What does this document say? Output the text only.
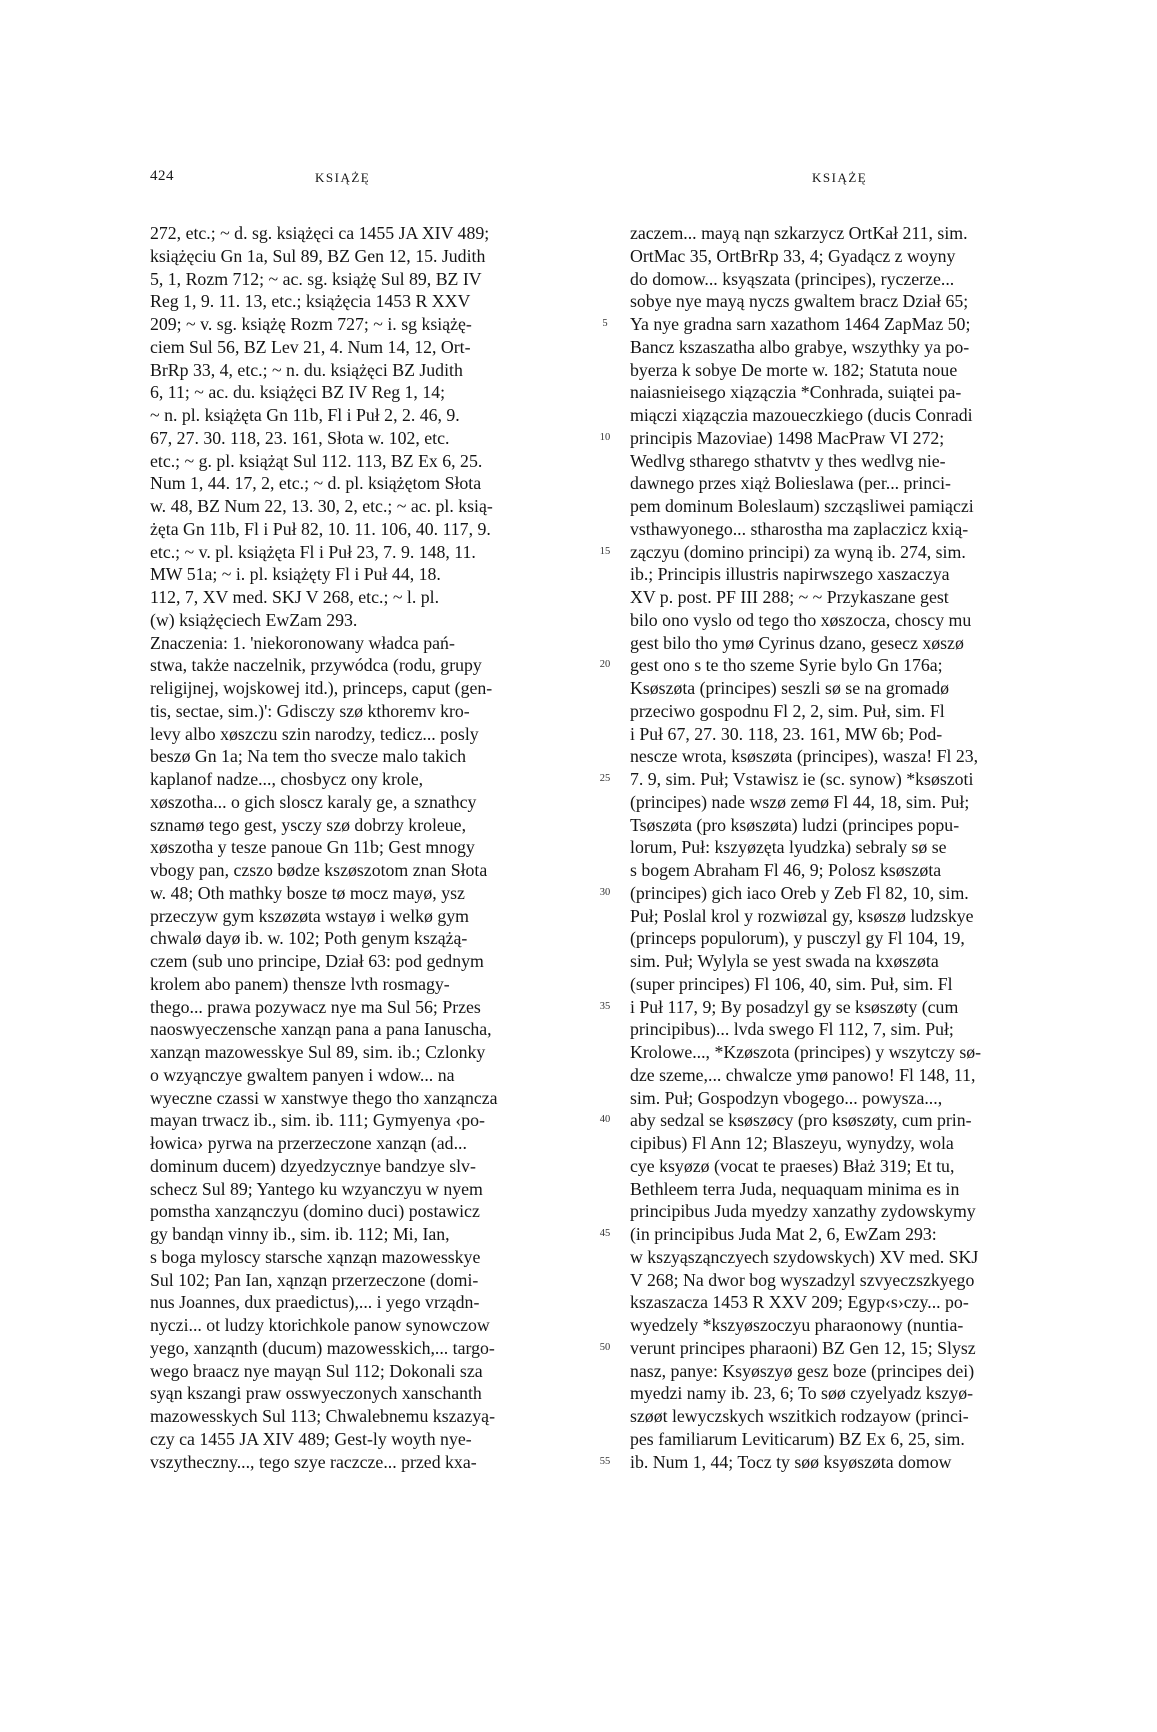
424	KSIĄŻĘ	KSIĄŻĘ
272, etc.; ~ d. sg. książęci ca 1455 JA XIV 489;
książęciu Gn 1a, Sul 89, BZ Gen 12, 15. Judith
5, 1, Rozm 712; ~ ac. sg. książę Sul 89, BZ IV
Reg 1, 9. 11. 13, etc.; książęcia 1453 R XXV
209; ~ v. sg. książę Rozm 727; ~ i. sg książę-
ciem Sul 56, BZ Lev 21, 4. Num 14, 12, Ort-
BrRp 33, 4, etc.; ~ n. du. książęci BZ Judith
6, 11; ~ ac. du. książęci BZ IV Reg 1, 14;
~ n. pl. książęta Gn 11b, Fl i Puł 2, 2. 46, 9.
67, 27. 30. 118, 23. 161, Słota w. 102, etc.
etc.; ~ g. pl. książąt Sul 112. 113, BZ Ex 6, 25.
Num 1, 44. 17, 2, etc.; ~ d. pl. książętom Słota
w. 48, BZ Num 22, 13. 30, 2, etc.; ~ ac. pl. ksią-
żęta Gn 11b, Fl i Puł 82, 10. 11. 106, 40. 117, 9.
etc.; ~ v. pl. książęta Fl i Puł 23, 7. 9. 148, 11.
MW 51a; ~ i. pl. książęty Fl i Puł 44, 18.
112, 7, XV med. SKJ V 268, etc.; ~ l. pl.
(w) książęciech EwZam 293.
Znaczenia: 1. 'niekoronowany władca pań-
stwa, także naczelnik, przywódca (rodu, grupy
religijnej, wojskowej itd.), princeps, caput (gen-
tis, sectae, sim.)': Gdisczy szø kthoremv kro-
levy albo xøszczu szin narodzy, tedicz... posly
beszø Gn 1a; Na tem tho svecze malo takich
kaplanof nadze..., chosbycz ony krole,
xøszotha... o gich sloscz karaly ge, a sznathcy
sznamø tego gest, ysczy szø dobrzy kroleue,
xøszotha y tesze panoue Gn 11b; Gest mnogy
vbogy pan, czszo bødze kszøszotom znan Słota
w. 48; Oth mathky bosze tø mocz mayø, ysz
przeczyw gym kszøzøta wstayø i welkø gym
chwalø dayø ib. w. 102; Poth genym kszążą-
czem (sub uno principe, Dział 63: pod gednym
krolem abo panem) thensze lvth rosmagy-
thego... prawa pozywacz nye ma Sul 56; Przes
naoswyeczensche xanząn pana a pana Ianuscha,
xanząn mazowesskye Sul 89, sim. ib.; Czlonky
o wzyąnczye gwaltem panyen i wdow... na
wyeczne czassi w xanstwye thego tho xanząncza
mayan trwacz ib., sim. ib. 111; Gymyenya ‹po-
łowica› pyrwa na przerzeczone xanząn (ad...
dominum ducem) dzyedzycznye bandzye slv-
schecz Sul 89; Yantego ku wzyanczyu w nyem
pomstha xanząnczyu (domino duci) postawicz
gy bandąn vinny ib., sim. ib. 112; Mi, Ian,
s boga myloscy starsche xąnząn mazowesskye
Sul 102; Pan Ian, xąnząn przerzeczone (domi-
nus Joannes, dux praedictus),... i yego vrządn-
nyczi... ot ludzy ktorichkole panow synowczow
yego, xanząnth (ducum) mazowesskich,... targo-
wego braacz nye mayąn Sul 112; Dokonali sza
syąn kszangi praw osswyeczonych xanschanth
mazowesskych Sul 113; Chwalebnemu kszazyą-
czy ca 1455 JA XIV 489; Gest-ly woyth nye-
vszytheczny..., tego szye raczcze... przed kxa-
5
10
15
20
25
30
35
40
45
50
55
zaczem... mayą nąn szkarzycz OrtKał 211, sim.
OrtMac 35, OrtBrRp 33, 4; Gyadącz z woyny
do domow... ksyąszata (principes), ryczerze...
sobye nye mayą nyczs gwaltem bracz Dział 65;
Ya nye gradna sarn xazathom 1464 ZapMaz 50;
Bancz kszaszatha albo grabye, wszythky ya po-
byerza k sobye De morte w. 182; Statuta noue
naiasnieisego xiązączia *Conhrada, suiątei pa-
miączi xiązączia mazoueczkiego (ducis Conradi
principis Mazoviae) 1498 MacPraw VI 272;
Wedlvg stharego sthatvtv y thes wedlvg nie-
dawnego przes xiąż Bolieslawa (per... princi-
pem dominum Boleslaum) szcząsliwei pamiączi
vsthawyonego... stharostha ma zaplaczicz kxią-
zączyu (domino principi) za wyną ib. 274, sim.
ib.; Principis illustris napirwszego xaszaczya
XV p. post. PF III 288; ~ ~ Przykaszane gest
bilo ono vyslo od tego tho xøszocza, choscy mu
gest bilo tho ymø Cyrinus dzano, gesecz xøszø
gest ono s te tho szeme Syrie bylo Gn 176a;
Ksøszøta (principes) seszli sø se na gromadø
przeciwo gospodnu Fl 2, 2, sim. Puł, sim. Fl
i Puł 67, 27. 30. 118, 23. 161, MW 6b; Pod-
nescze wrota, ksøszøta (principes), wasza! Fl 23,
7. 9, sim. Puł; Vstawisz ie (sc. synow) *ksøszoti
(principes) nade wszø zemø Fl 44, 18, sim. Puł;
Tsøszøta (pro ksøszøta) ludzi (principes popu-
lorum, Puł: kszyøzęta lyudzka) sebraly sø se
s bogem Abraham Fl 46, 9; Polosz ksøszøta
(principes) gich iaco Oreb y Zeb Fl 82, 10, sim.
Puł; Poslal krol y rozwiøzal gy, ksøszø ludzskye
(princeps populorum), y pusczyl gy Fl 104, 19,
sim. Puł; Wylyla se yest swada na kxøszøta
(super principes) Fl 106, 40, sim. Puł, sim. Fl
i Puł 117, 9; By posadzyl gy se ksøszøty (cum
principibus)... lvda swego Fl 112, 7, sim. Puł;
Krolowe..., *Kzøszota (principes) y wszytczy sø-
dze szeme,... chwalcze ymø panowo! Fl 148, 11,
sim. Puł; Gospodzyn vbogego... powysza...,
aby sedzal se ksøszøcy (pro ksøszøty, cum prin-
cipibus) Fl Ann 12; Blaszeyu, wynydzy, wola
cye ksyøzø (vocat te praeses) Błaż 319; Et tu,
Bethleem terra Juda, nequaquam minima es in
principibus Juda myedzy xanzathy zydowskymy
(in principibus Juda Mat 2, 6, EwZam 293:
w kszyąsząnczyech szydowskych) XV med. SKJ
V 268; Na dwor bog wyszadzyl szvyeczszkyego
kszaszacza 1453 R XXV 209; Egyp‹s›czy... po-
wyedzely *kszyøszoczyu pharaonowy (nuntia-
verunt principes pharaoni) BZ Gen 12, 15; Slysz
nasz, panye: Ksyøszyø gesz boze (principes dei)
myedzi namy ib. 23, 6; To søø czyelyadz kszyø-
szøøt lewyczskych wszitkich rodzayow (princi-
pes familiarum Leviticarum) BZ Ex 6, 25, sim.
ib. Num 1, 44; Tocz ty søø ksyøszøta domow
